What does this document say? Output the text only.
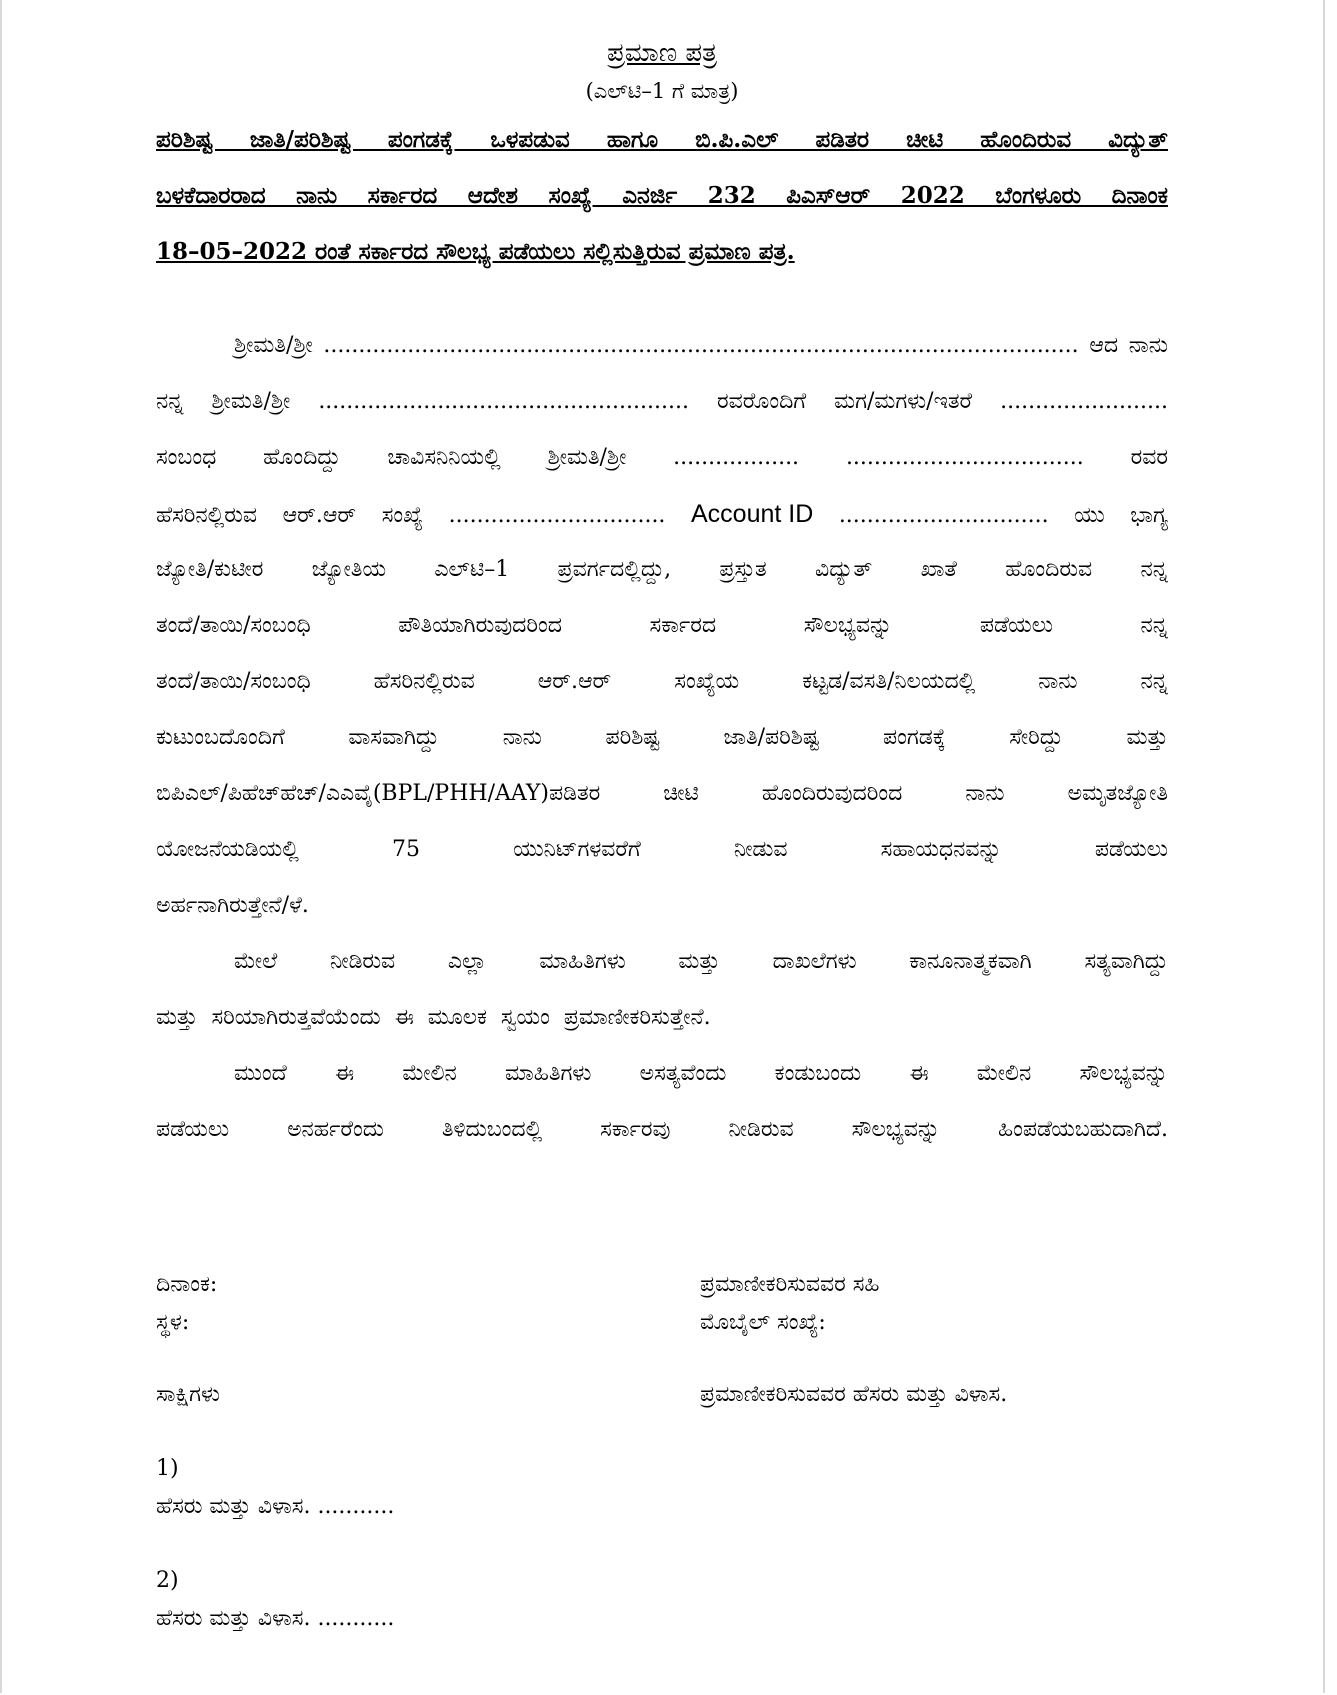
ಪ್ರಮಾಣ ಪತ್ರ
(ಎಲ್‌ಟಿ–1 ಗೆ ಮಾತ್ರ)
ಪರಿಶಿಷ್ಟ ಜಾತಿ/ಪರಿಶಿಷ್ಟ ಪಂಗಡಕ್ಕೆ ಒಳಪಡುವ ಹಾಗೂ ಬಿ.ಪಿ.ಎಲ್ ಪಡಿತರ ಚೀಟಿ ಹೊಂದಿರುವ ವಿದ್ಯುತ್
ಬಳಕೆದಾರರಾದ ನಾನು ಸರ್ಕಾರದ ಆದೇಶ ಸಂಖ್ಯೆ ಎನರ್ಜಿ 232 ಪಿಎಸ್‌ಆರ್ 2022 ಬೆಂಗಳೂರು ದಿನಾಂಕ
18–05–2022 ರಂತೆ ಸರ್ಕಾರದ ಸೌಲಭ್ಯ ಪಡೆಯಲು ಸಲ್ಲಿಸುತ್ತಿರುವ ಪ್ರಮಾಣ ಪತ್ರ.
ಶ್ರೀಮತಿ/ಶ್ರೀ ............................................................................................................ ಆದ ನಾನು
ನನ್ನ ಶ್ರೀಮತಿ/ಶ್ರೀ ..................................................... ರವರೊಂದಿಗೆ ಮಗ/ಮಗಳು/ಇತರೆ ........................
ಸಂಬಂಧ ಹೊಂದಿದ್ದು ಚಾವಿಸನಿನಿಯಲ್ಲಿ ಶ್ರೀಮತಿ/ಶ್ರೀ .................. .................................. ರವರ
ಹೆಸರಿನಲ್ಲಿರುವ ಆರ್.ಆರ್ ಸಂಖ್ಯೆ ............................... Account ID .............................. ಯು ಭಾಗ್ಯ
ಜ್ಯೋತಿ/ಕುಟೀರ ಜ್ಯೋತಿಯ ಎಲ್‌ಟಿ–1 ಪ್ರವರ್ಗದಲ್ಲಿದ್ದು, ಪ್ರಸ್ತುತ ವಿದ್ಯುತ್ ಖಾತೆ ಹೊಂದಿರುವ ನನ್ನ
ತಂದೆ/ತಾಯಿ/ಸಂಬಂಧಿ	ಪೌತಿಯಾಗಿರುವುದರಿಂದ	ಸರ್ಕಾರದ	ಸೌಲಭ್ಯವನ್ನು	ಪಡೆಯಲು	ನನ್ನ
ತಂದೆ/ತಾಯಿ/ಸಂಬಂಧಿ	ಹೆಸರಿನಲ್ಲಿರುವ	ಆರ್.ಆರ್	ಸಂಖ್ಯೆಯ	ಕಟ್ಟಡ/ವಸತಿ/ನಿಲಯದಲ್ಲಿ	ನಾನು	ನನ್ನ
ಕುಟುಂಬದೊಂದಿಗೆ	ವಾಸವಾಗಿದ್ದು	ನಾನು	ಪರಿಶಿಷ್ಟ	ಜಾತಿ/ಪರಿಶಿಷ್ಟ	ಪಂಗಡಕ್ಕೆ	ಸೇರಿದ್ದು	ಮತ್ತು
ಬಿಪಿಎಲ್/ಪಿಹೆಚ್‌ಹೆಚ್/ಎಎವೈ(BPL/PHH/AAY)ಪಡಿತರ	ಚೀಟಿ	ಹೊಂದಿರುವುದರಿಂದ	ನಾನು	ಅಮೃತಜ್ಯೋತಿ
ಯೋಜನೆಯಡಿಯಲ್ಲಿ	75	ಯುನಿಟ್‌ಗಳವರೆಗೆ	ನೀಡುವ	ಸಹಾಯಧನವನ್ನು	ಪಡೆಯಲು
ಅರ್ಹನಾಗಿರುತ್ತೇನೆ/ಳೆ.
ಮೇಲೆ ನೀಡಿರುವ ಎಲ್ಲಾ ಮಾಹಿತಿಗಳು ಮತ್ತು ದಾಖಲೆಗಳು ಕಾನೂನಾತ್ಮಕವಾಗಿ ಸತ್ಯವಾಗಿದ್ದು
ಮತ್ತು ಸರಿಯಾಗಿರುತ್ತವೆಯೆಂದು ಈ ಮೂಲಕ ಸ್ವಯಂ ಪ್ರಮಾಣೀಕರಿಸುತ್ತೇನೆ.
ಮುಂದೆ ಈ ಮೇಲಿನ ಮಾಹಿತಿಗಳು ಅಸತ್ಯವೆಂದು ಕಂಡುಬಂದು ಈ ಮೇಲಿನ ಸೌಲಭ್ಯವನ್ನು
ಪಡೆಯಲು	ಅನರ್ಹರೆಂದು	ತಿಳಿದುಬಂದಲ್ಲಿ	ಸರ್ಕಾರವು	ನೀಡಿರುವ	ಸೌಲಭ್ಯವನ್ನು	ಹಿಂಪಡೆಯಬಹುದಾಗಿದೆ.
ದಿನಾಂಕ:	ಪ್ರಮಾಣೀಕರಿಸುವವರ ಸಹಿ
ಸ್ಥಳ:	ಮೊಬೈಲ್ ಸಂಖ್ಯೆ:
ಸಾಕ್ಷಿಗಳು	ಪ್ರಮಾಣೀಕರಿಸುವವರ ಹೆಸರು ಮತ್ತು ವಿಳಾಸ.
1)
ಹೆಸರು ಮತ್ತು ವಿಳಾಸ. ...........
2)
ಹೆಸರು ಮತ್ತು ವಿಳಾಸ. ...........
